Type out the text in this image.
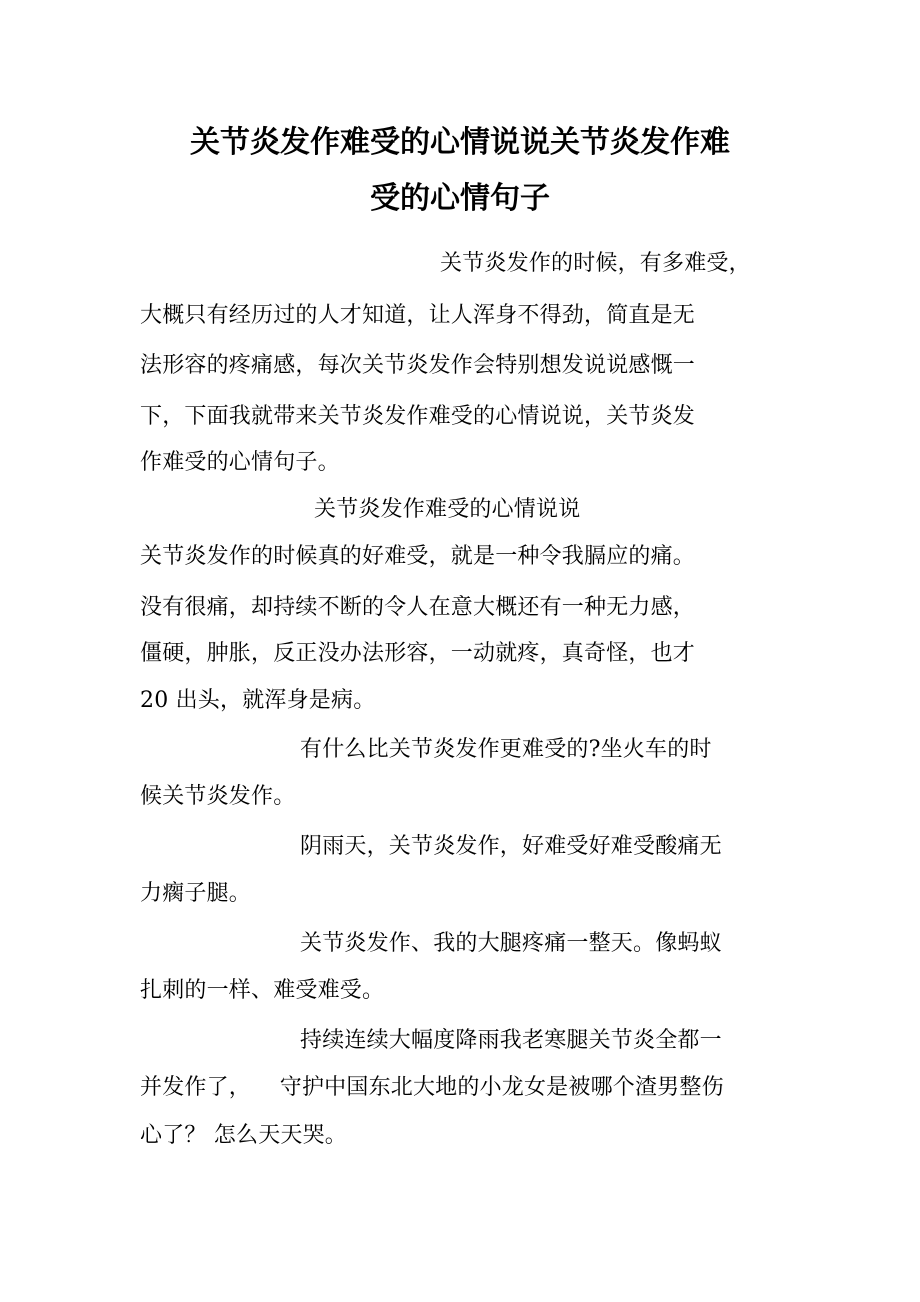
关节炎发作难受的心情说说关节炎发作难
受的心情句子

关节炎发作的时候，有多难受，

大概只有经历过的人才知道，让人浑身不得劲，简直是无

法形容的疼痛感，每次关节炎发作会特别想发说说感慨一

下，下面我就带来关节炎发作难受的心情说说，关节炎发

作难受的心情句子。

关节炎发作难受的心情说说

关节炎发作的时候真的好难受，就是一种令我膈应的痛。

没有很痛，却持续不断的令人在意大概还有一种无力感，

僵硬，肿胀，反正没办法形容，一动就疼，真奇怪，也才

20 出头，就浑身是病。

有什么比关节炎发作更难受的?坐火车的时

候关节炎发作。

阴雨天，关节炎发作，好难受好难受酸痛无

力瘸子腿。

关节炎发作、我的大腿疼痛一整天。像蚂蚁

扎刺的一样、难受难受。

持续连续大幅度降雨我老寒腿关节炎全都一

并发作了，    守护中国东北大地的小龙女是被哪个渣男整伤

心了？ 怎么天天哭。
